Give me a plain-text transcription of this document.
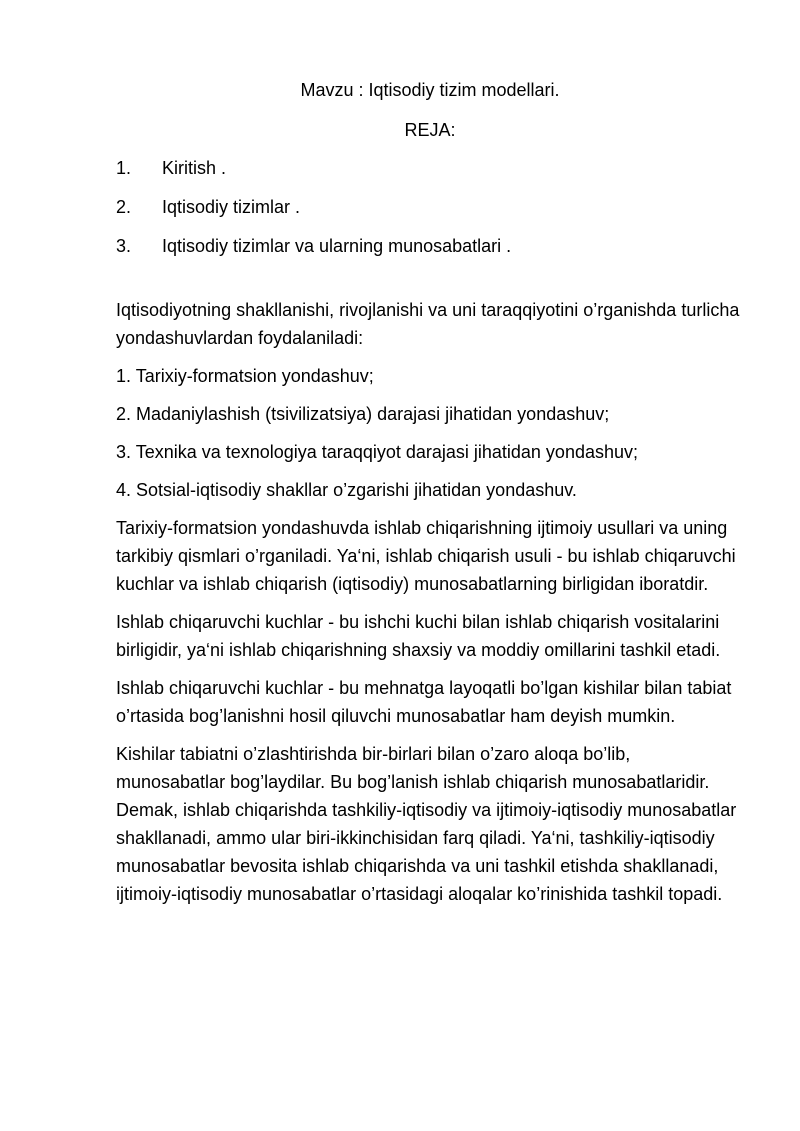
Mavzu : Iqtisodiy tizim modellari.
REJA:
1.	Kiritish .
2.	Iqtisodiy tizimlar .
3.	Iqtisodiy tizimlar va ularning munosabatlari .

Iqtisodiyotning shakllanishi, rivojlanishi va uni taraqqiyotini o’rganishda turlicha yondashuvlardan foydalaniladi:

1. Tarixiy-formatsion yondashuv;

2. Madaniylashish (tsivilizatsiya) darajasi jihatidan yondashuv;

3. Texnika va texnologiya taraqqiyot darajasi jihatidan yondashuv;

4. Sotsial-iqtisodiy shakllar o’zgarishi jihatidan yondashuv.

Tarixiy-formatsion yondashuvda ishlab chiqarishning ijtimoiy usullari va uning tarkibiy qismlari o’rganiladi. Ya‘ni, ishlab chiqarish usuli - bu ishlab chiqaruvchi kuchlar va ishlab chiqarish (iqtisodiy) munosabatlarning birligidan iboratdir.

Ishlab chiqaruvchi kuchlar - bu ishchi kuchi bilan ishlab chiqarish vositalarini birligidir, ya‘ni ishlab chiqarishning shaxsiy va moddiy omillarini tashkil etadi.

Ishlab chiqaruvchi kuchlar - bu mehnatga layoqatli bo’lgan kishilar bilan tabiat o’rtasida bog’lanishni hosil qiluvchi munosabatlar ham deyish mumkin.

Kishilar tabiatni o’zlashtirishda bir-birlari bilan o’zaro aloqa bo’lib, munosabatlar bog’laydilar. Bu bog’lanish ishlab chiqarish munosabatlaridir. Demak, ishlab chiqarishda tashkiliy-iqtisodiy va ijtimoiy-iqtisodiy munosabatlar shakllanadi, ammo ular biri-ikkinchisidan farq qiladi. Ya‘ni, tashkiliy-iqtisodiy munosabatlar bevosita ishlab chiqarishda va uni tashkil etishda shakllanadi, ijtimoiy-iqtisodiy munosabatlar o’rtasidagi aloqalar ko’rinishida tashkil topadi.
